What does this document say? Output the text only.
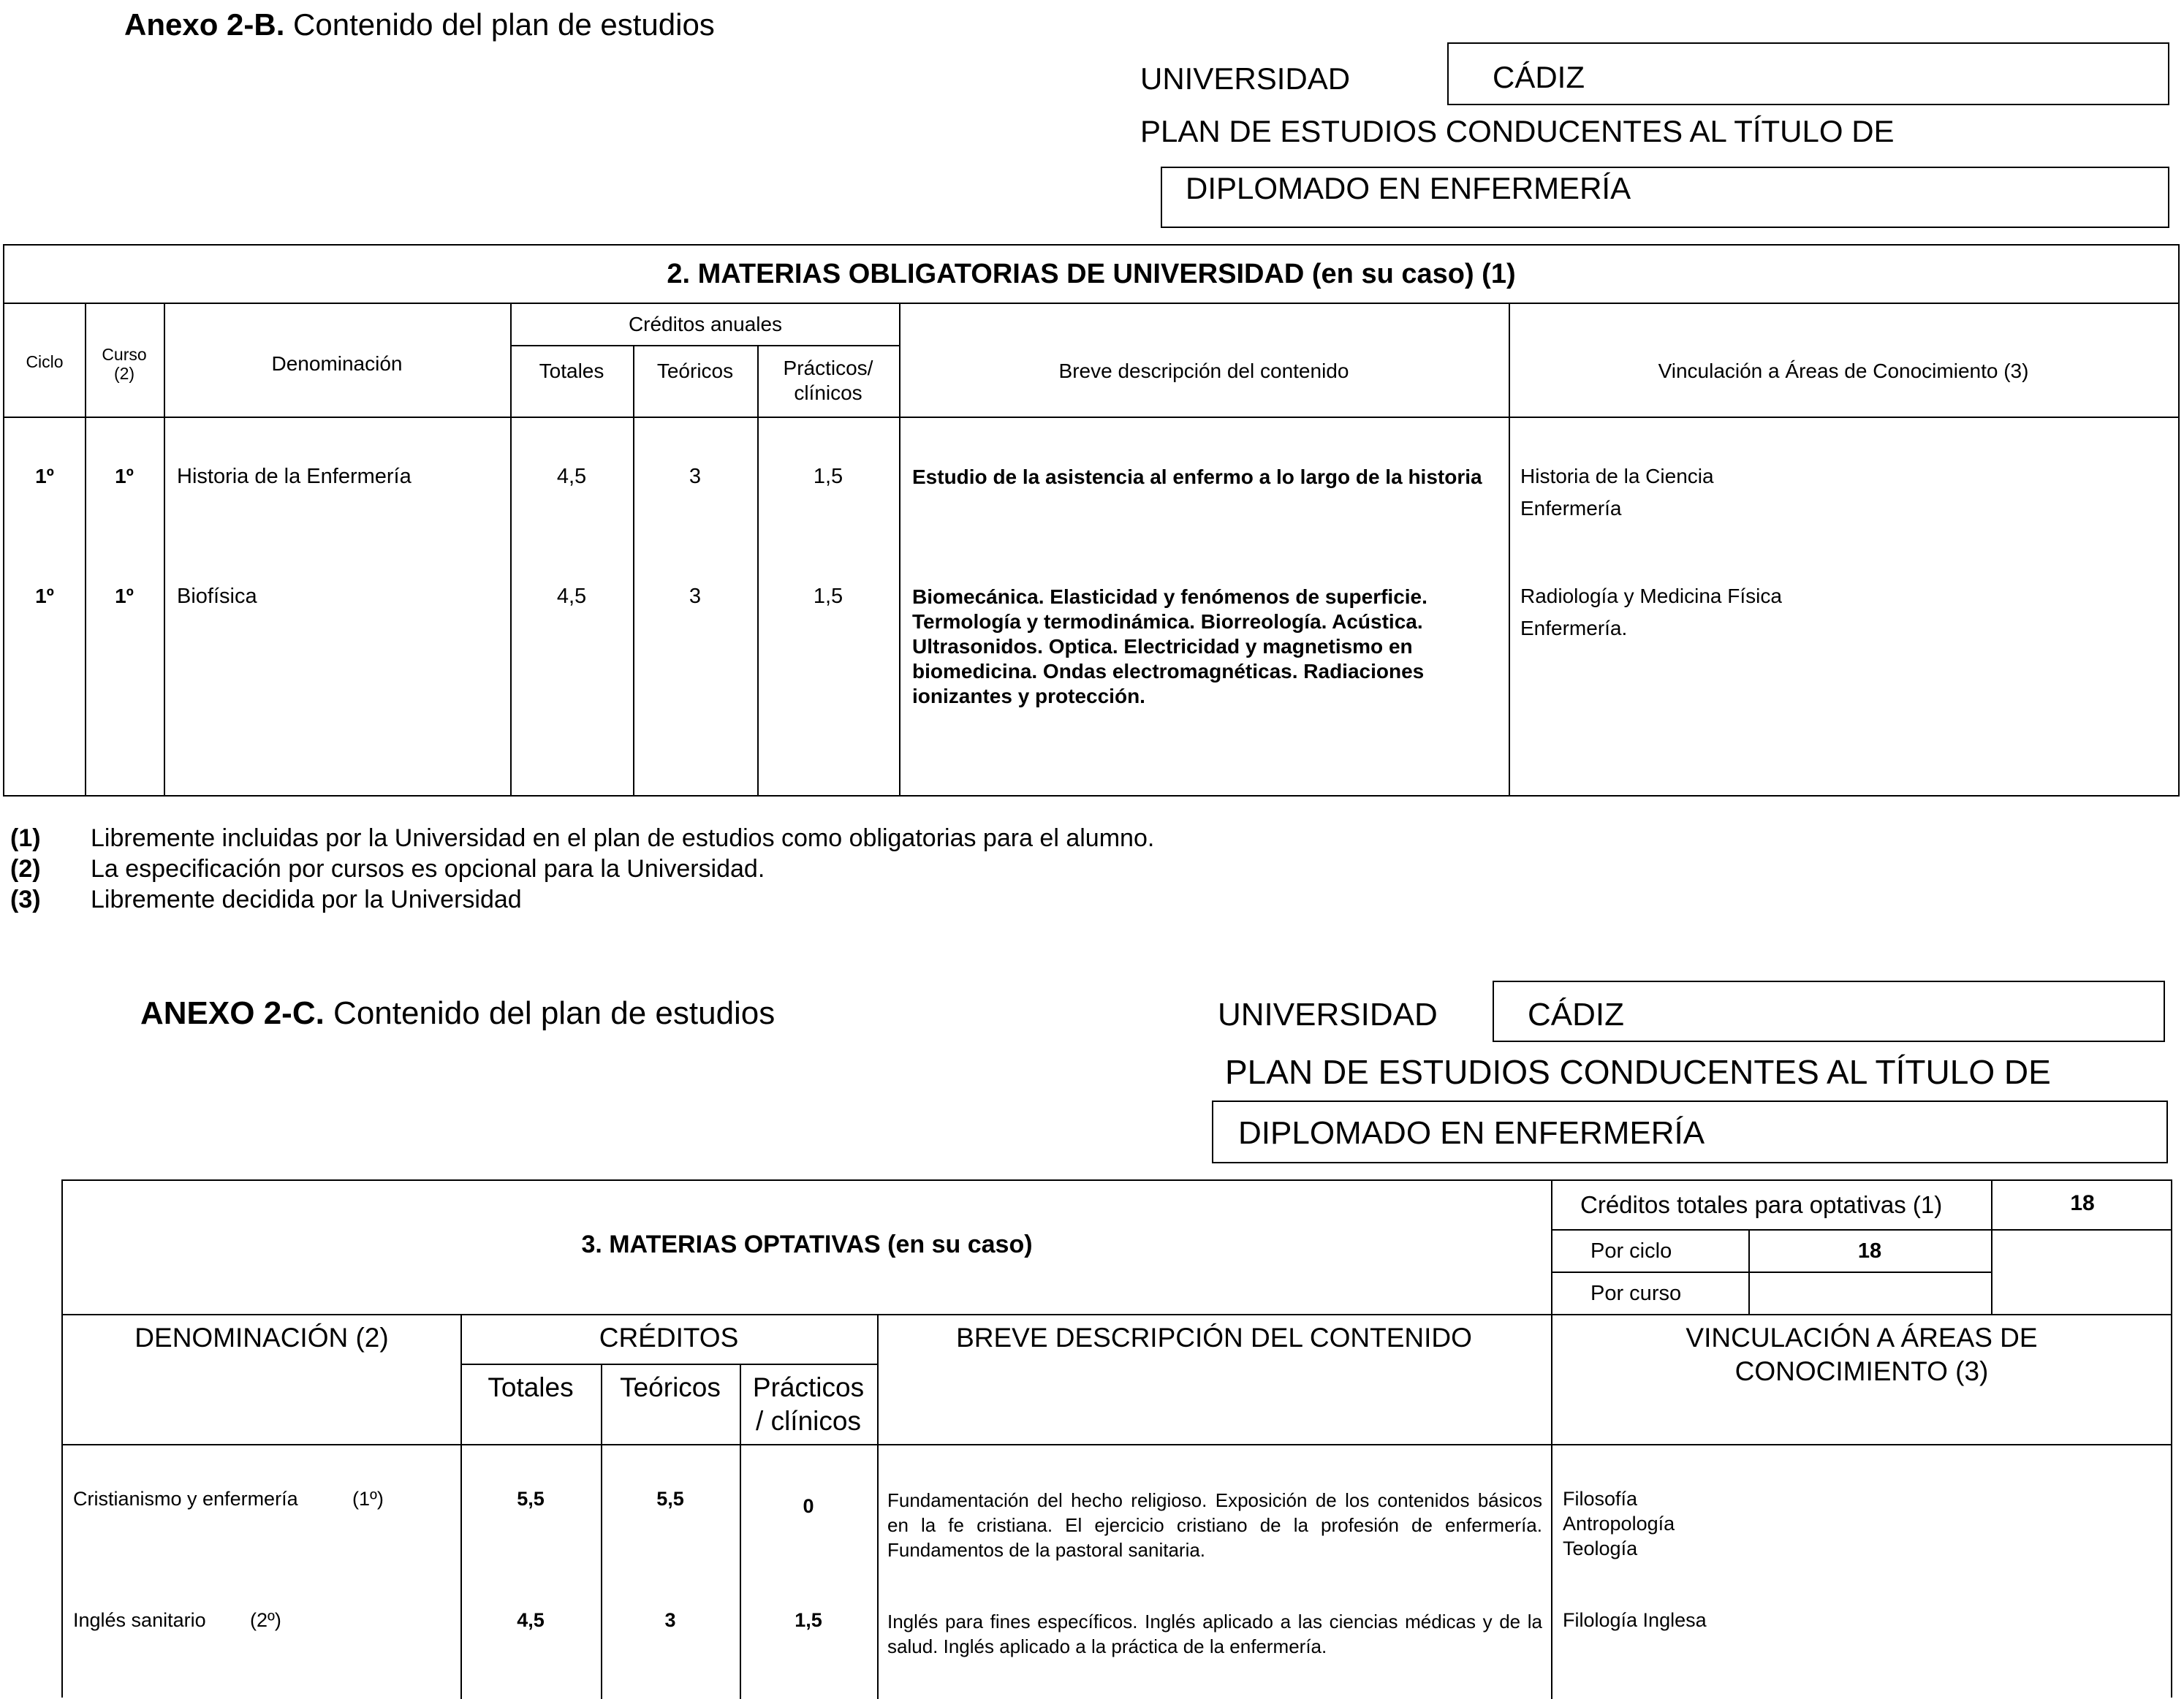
Anexo 2-B. Contenido del plan de estudios
UNIVERSIDAD	CÁDIZ
PLAN DE ESTUDIOS CONDUCENTES AL TÍTULO DE
DIPLOMADO EN ENFERMERÍA
2. MATERIAS OBLIGATORIAS DE UNIVERSIDAD (en su caso) (1)
Ciclo	Curso
(2)	Denominación
Créditos anuales
Totales	Teóricos	Prácticos/
clínicos
Breve descripción del contenido	Vinculación a Áreas de Conocimiento (3)
1º	1º	Historia de la Enfermería	4,5	3	1,5	Estudio de la asistencia al enfermo a lo largo de la historia	Historia de la Ciencia
Enfermería
1º	1º	Biofísica	4,5	3	1,5	Biomecánica. Elasticidad y fenómenos de superficie. Termología y termodinámica. Biorreología. Acústica. Ultrasonidos. Optica. Electricidad y magnetismo en biomedicina. Ondas electromagnéticas. Radiaciones ionizantes y protección.
Radiología y Medicina Física
Enfermería.
(1) Libremente incluidas por la Universidad en el plan de estudios como obligatorias para el alumno.
(2) La especificación por cursos es opcional para la Universidad.
(3) Libremente decidida por la Universidad
ANEXO 2-C. Contenido del plan de estudios	UNIVERSIDAD	CÁDIZ
PLAN DE ESTUDIOS CONDUCENTES AL TÍTULO DE
DIPLOMADO EN ENFERMERÍA
3. MATERIAS OPTATIVAS (en su caso)
Créditos totales para optativas (1)	18
Por ciclo	18
Por curso
DENOMINACIÓN (2)	CRÉDITOS
Totales	Teóricos	Prácticos
/ clínicos
BREVE DESCRIPCIÓN DEL CONTENIDO	VINCULACIÓN A ÁREAS DE
CONOCIMIENTO (3)
Cristianismo y enfermería	(1º)	5,5	5,5	0	Fundamentación del hecho religioso. Exposición de los contenidos básicos en la fe cristiana. El ejercicio cristiano de la profesión de enfermería. Fundamentos de la pastoral sanitaria.
Filosofía
Antropología
Teología
Inglés sanitario (2º)	4,5	3	1,5	Inglés para fines específicos. Inglés aplicado a las ciencias médicas y de la salud. Inglés aplicado a la práctica de la enfermería.
Filología Inglesa
